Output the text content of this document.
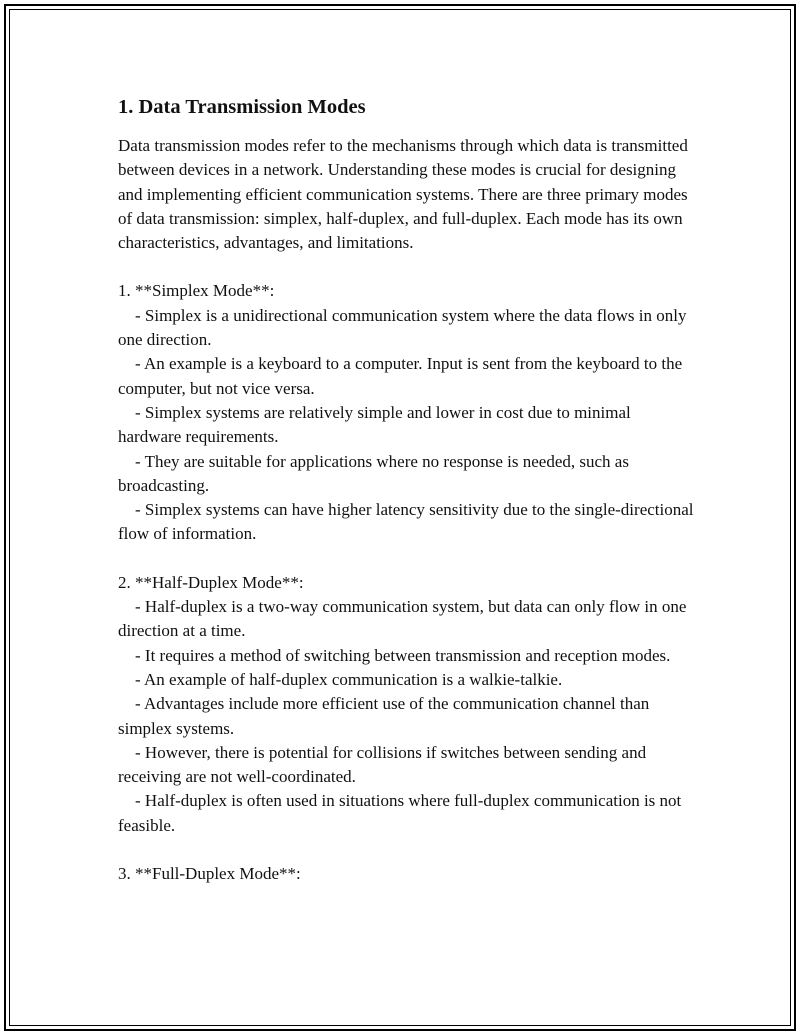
1. Data Transmission Modes

Data transmission modes refer to the mechanisms through which data is transmitted between devices in a network. Understanding these modes is crucial for designing and implementing efficient communication systems. There are three primary modes of data transmission: simplex, half-duplex, and full-duplex. Each mode has its own characteristics, advantages, and limitations.

1. **Simplex Mode**:

- Simplex is a unidirectional communication system where the data flows in only one direction.

- An example is a keyboard to a computer. Input is sent from the keyboard to the computer, but not vice versa.

- Simplex systems are relatively simple and lower in cost due to minimal hardware requirements.

- They are suitable for applications where no response is needed, such as broadcasting.

- Simplex systems can have higher latency sensitivity due to the single-directional flow of information.

2. **Half-Duplex Mode**:

- Half-duplex is a two-way communication system, but data can only flow in one direction at a time.

- It requires a method of switching between transmission and reception modes.

- An example of half-duplex communication is a walkie-talkie.

- Advantages include more efficient use of the communication channel than simplex systems.

- However, there is potential for collisions if switches between sending and receiving are not well-coordinated.

- Half-duplex is often used in situations where full-duplex communication is not feasible.

3. **Full-Duplex Mode**:
